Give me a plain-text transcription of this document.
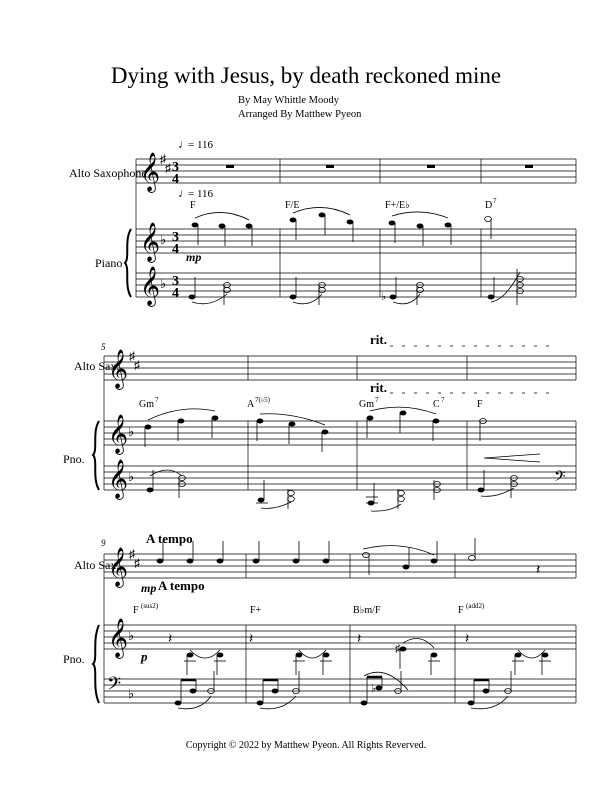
Dying with Jesus, by death reckoned mine
By May Whittle Moody
Arranged By Matthew Pyeon
Alto Saxophone
Piano
Alto Sax.
Pno.
Alto Sax.
Pno.
𝄞
𝄞
𝄞
♯
♯
♭
♭
3
4
3
4
3
4
♩
= 116
♩
= 116
F	F/E	F+/E♭	D 7
mp
♭
5
𝄞
𝄞
𝄞
♯
♯
♭
♭
rit.
rit.
𝄢
Gm 7	A 7(♭5)	Gm 7	C 7	F
9
𝄞
𝄞
𝄢
♯
♯
♭
♭
A tempo
A tempo
mp
p
F (sus2)	F+	B♭m/F	F (add2)
𝄽
𝄽	𝄽	𝄽	𝄽
♯
♭
Copyright © 2022 by Matthew Pyeon. All Rights Reverved.
